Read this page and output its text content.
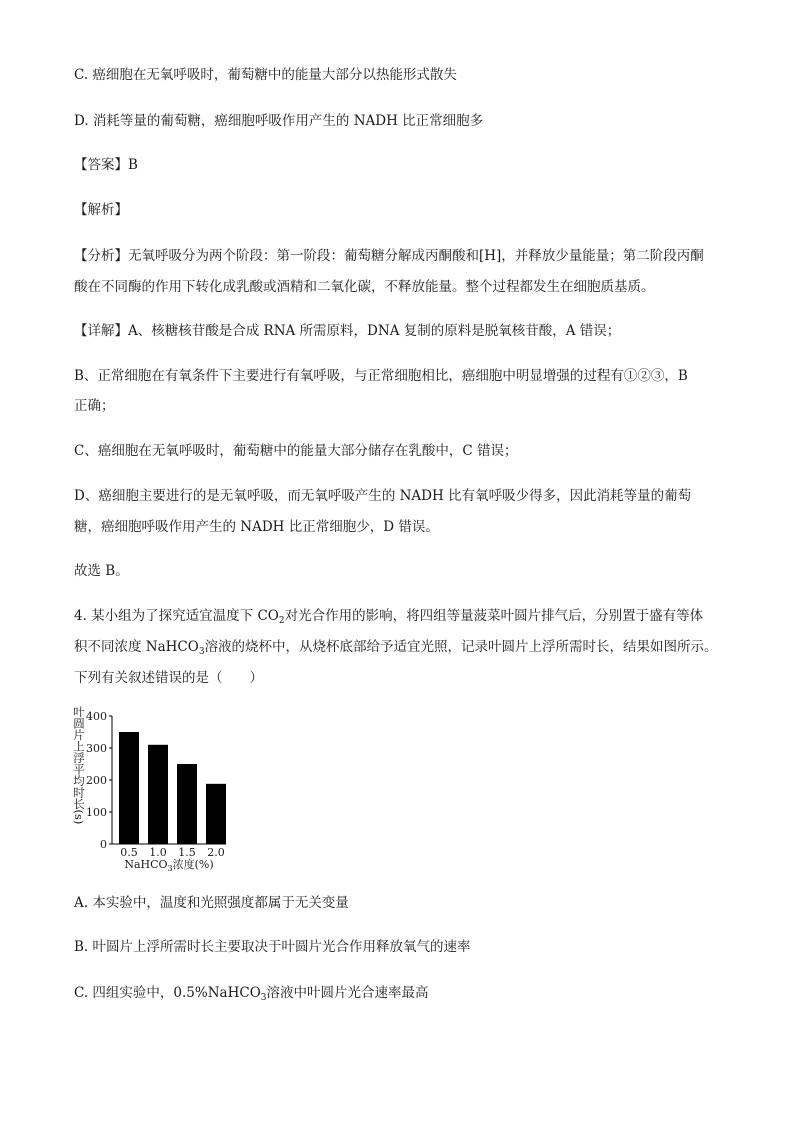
C. 癌细胞在无氧呼吸时，葡萄糖中的能量大部分以热能形式散失
D. 消耗等量的葡萄糖，癌细胞呼吸作用产生的 NADH 比正常细胞多
【答案】B
【解析】
【分析】无氧呼吸分为两个阶段：第一阶段：葡萄糖分解成丙酮酸和[H]，并释放少量能量；第二阶段丙酮
酸在不同酶的作用下转化成乳酸或酒精和二氧化碳，不释放能量。整个过程都发生在细胞质基质。
【详解】A、核糖核苷酸是合成 RNA 所需原料，DNA 复制的原料是脱氧核苷酸，A 错误；
B、正常细胞在有氧条件下主要进行有氧呼吸，与正常细胞相比，癌细胞中明显增强的过程有①②③，B
正确；
C、癌细胞在无氧呼吸时，葡萄糖中的能量大部分储存在乳酸中，C 错误；
D、癌细胞主要进行的是无氧呼吸，而无氧呼吸产生的 NADH 比有氧呼吸少得多，因此消耗等量的葡萄
糖，癌细胞呼吸作用产生的 NADH 比正常细胞少，D 错误。
故选 B。
4. 某小组为了探究适宜温度下 $CO_2$对光合作用的影响，将四组等量菠菜叶圆片排气后，分别置于盛有等体
积不同浓度 NaHCO$_3$溶液的烧杯中，从烧杯底部给予适宜光照，记录叶圆片上浮所需时长，结果如图所示。
下列有关叙述错误的是（　　）
叶圆片上浮平均时长(s)
0
100
200
300
400
0.5 1.0 1.5 2.0
NaHCO$_3$浓度(%)
A. 本实验中，温度和光照强度都属于无关变量
B. 叶圆片上浮所需时长主要取决于叶圆片光合作用释放氧气的速率
C. 四组实验中，0.5%NaHCO$_3$溶液中叶圆片光合速率最高
